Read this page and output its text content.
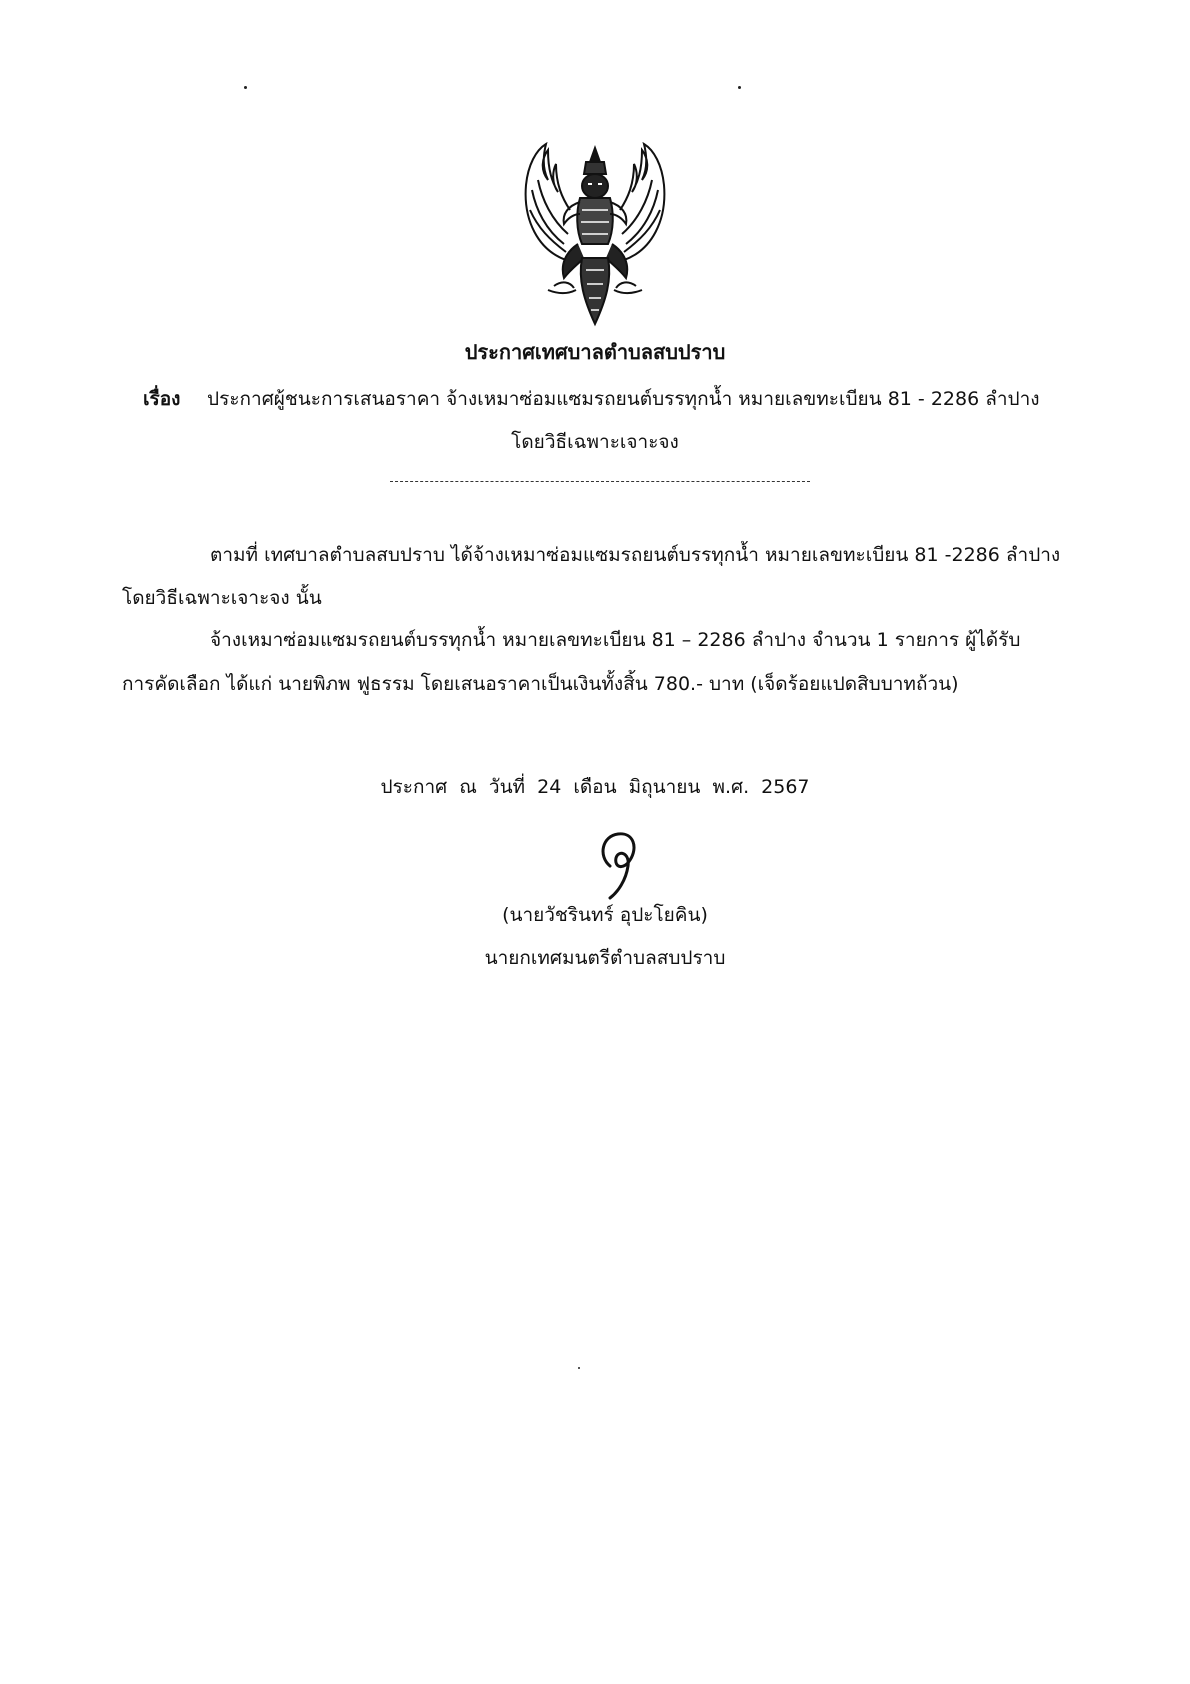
ประกาศเทศบาลตำบลสบปราบ
เรื่อง ประกาศผู้ชนะการเสนอราคา จ้างเหมาซ่อมแซมรถยนต์บรรทุกน้ำ หมายเลขทะเบียน 81 - 2286 ลำปาง
โดยวิธีเฉพาะเจาะจง
ตามที่ เทศบาลตำบลสบปราบ ได้จ้างเหมาซ่อมแซมรถยนต์บรรทุกน้ำ หมายเลขทะเบียน 81 -2286 ลำปาง
โดยวิธีเฉพาะเจาะจง นั้น
จ้างเหมาซ่อมแซมรถยนต์บรรทุกน้ำ หมายเลขทะเบียน 81 – 2286 ลำปาง จำนวน 1 รายการ ผู้ได้รับ
การคัดเลือก ได้แก่ นายพิภพ ฟูธรรม โดยเสนอราคาเป็นเงินทั้งสิ้น 780.- บาท (เจ็ดร้อยแปดสิบบาทถ้วน)
ประกาศ ณ วันที่ 24 เดือน มิถุนายน พ.ศ. 2567
(นายวัชรินทร์ อุปะโยคิน)
นายกเทศมนตรีตำบลสบปราบ
